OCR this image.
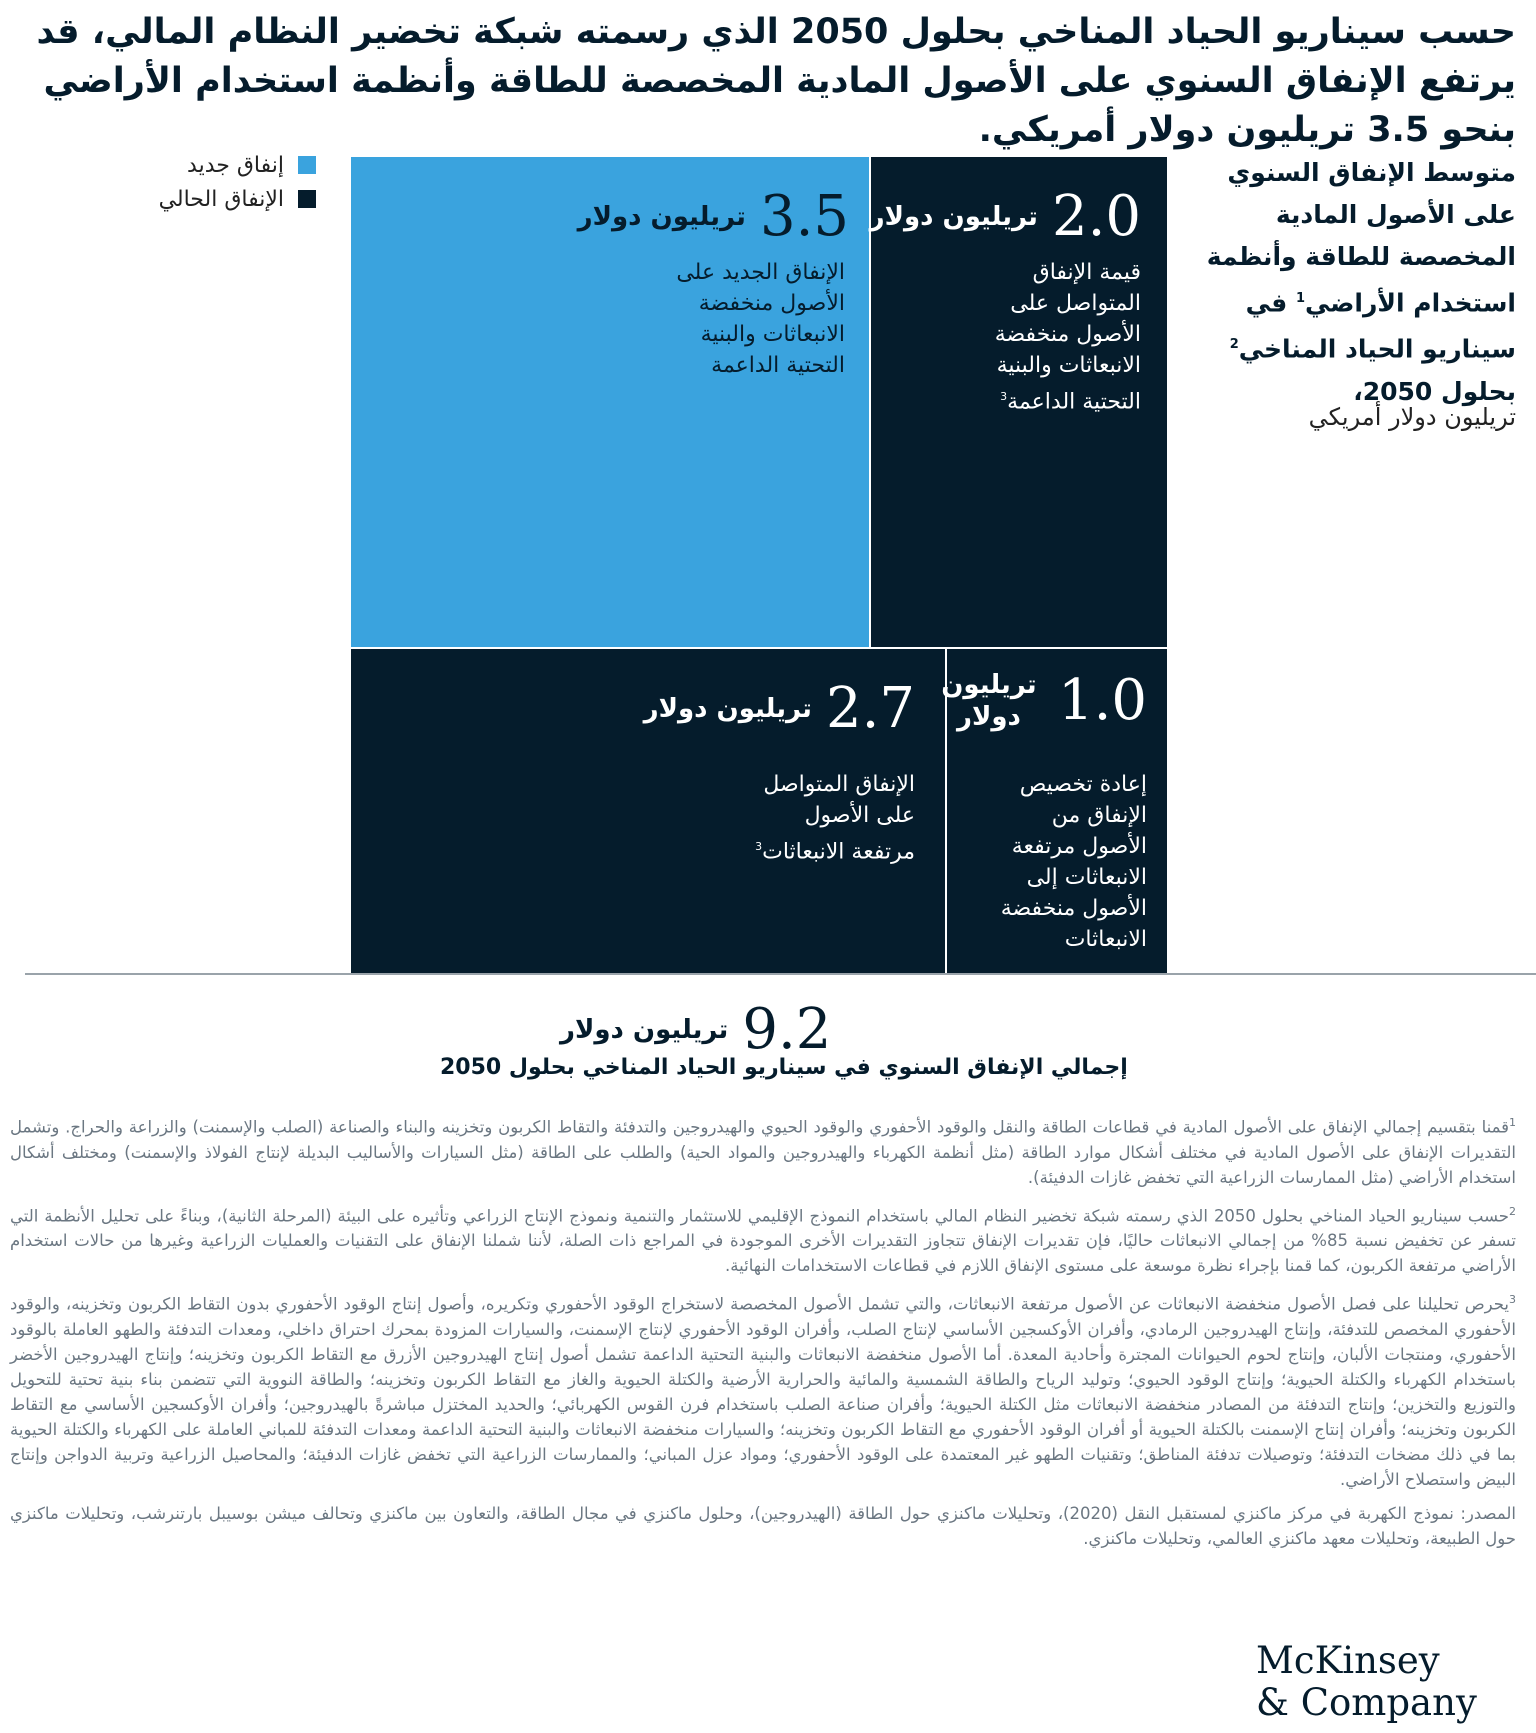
حسب سيناريو الحياد المناخي بحلول 2050 الذي رسمته شبكة تخضير النظام المالي، قد يرتفع الإنفاق السنوي على الأصول المادية المخصصة للطاقة وأنظمة استخدام الأراضي بنحو 3.5 تريليون دولار أمريكي.
إنفاق جديد
الإنفاق الحالي
متوسط الإنفاق السنوي
على الأصول المادية
المخصصة للطاقة وأنظمة
استخدام الأراضي$^1$ في
سيناريو الحياد المناخي$^2$
بحلول 2050،
تريليون دولار أمريكي
3.5
تريليون دولار
الإنفاق الجديد على
الأصول منخفضة
الانبعاثات والبنية
التحتية الداعمة
2.0
تريليون دولار
قيمة الإنفاق
المتواصل على
الأصول منخفضة
الانبعاثات والبنية
التحتية الداعمة$^3$
2.7
تريليون دولار
الإنفاق المتواصل
على الأصول
مرتفعة الانبعاثات$^3$
1.0
تريليون دولار
إعادة تخصيص
الإنفاق من
الأصول مرتفعة
الانبعاثات إلى
الأصول منخفضة
الانبعاثات
9.2
تريليون دولار
إجمالي الإنفاق السنوي في سيناريو الحياد المناخي بحلول 2050

$^1$قمنا بتقسيم إجمالي الإنفاق على الأصول المادية في قطاعات الطاقة والنقل والوقود الأحفوري والوقود الحيوي والهيدروجين والتدفئة والتقاط الكربون وتخزينه والبناء والصناعة (الصلب والإسمنت) والزراعة والحراج. وتشمل التقديرات الإنفاق على الأصول المادية في مختلف أشكال موارد الطاقة (مثل أنظمة الكهرباء والهيدروجين والمواد الحية) والطلب على الطاقة (مثل السيارات والأساليب البديلة لإنتاج الفولاذ والإسمنت) ومختلف أشكال استخدام الأراضي (مثل الممارسات الزراعية التي تخفض غازات الدفيئة).

$^2$حسب سيناريو الحياد المناخي بحلول 2050 الذي رسمته شبكة تخضير النظام المالي باستخدام النموذج الإقليمي للاستثمار والتنمية ونموذج الإنتاج الزراعي وتأثيره على البيئة (المرحلة الثانية)، وبناءً على تحليل الأنظمة التي تسفر عن تخفيض نسبة 85% من إجمالي الانبعاثات حاليًا، فإن تقديرات الإنفاق تتجاوز التقديرات الأخرى الموجودة في المراجع ذات الصلة، لأننا شملنا الإنفاق على التقنيات والعمليات الزراعية وغيرها من حالات استخدام الأراضي مرتفعة الكربون، كما قمنا بإجراء نظرة موسعة على مستوى الإنفاق اللازم في قطاعات الاستخدامات النهائية.

$^3$يحرص تحليلنا على فصل الأصول منخفضة الانبعاثات عن الأصول مرتفعة الانبعاثات، والتي تشمل الأصول المخصصة لاستخراج الوقود الأحفوري وتكريره، وأصول إنتاج الوقود الأحفوري بدون التقاط الكربون وتخزينه، والوقود الأحفوري المخصص للتدفئة، وإنتاج الهيدروجين الرمادي، وأفران الأوكسجين الأساسي لإنتاج الصلب، وأفران الوقود الأحفوري لإنتاج الإسمنت، والسيارات المزودة بمحرك احتراق داخلي، ومعدات التدفئة والطهو العاملة بالوقود الأحفوري، ومنتجات الألبان، وإنتاج لحوم الحيوانات المجترة وأحادية المعدة. أما الأصول منخفضة الانبعاثات والبنية التحتية الداعمة تشمل أصول إنتاج الهيدروجين الأزرق مع التقاط الكربون وتخزينه؛ وإنتاج الهيدروجين الأخضر باستخدام الكهرباء والكتلة الحيوية؛ وإنتاج الوقود الحيوي؛ وتوليد الرياح والطاقة الشمسية والمائية والحرارية الأرضية والكتلة الحيوية والغاز مع التقاط الكربون وتخزينه؛ والطاقة النووية التي تتضمن بناء بنية تحتية للتحويل والتوزيع والتخزين؛ وإنتاج التدفئة من المصادر منخفضة الانبعاثات مثل الكتلة الحيوية؛ وأفران صناعة الصلب باستخدام فرن القوس الكهربائي؛ والحديد المختزل مباشرةً بالهيدروجين؛ وأفران الأوكسجين الأساسي مع التقاط الكربون وتخزينه؛ وأفران إنتاج الإسمنت بالكتلة الحيوية أو أفران الوقود الأحفوري مع التقاط الكربون وتخزينه؛ والسيارات منخفضة الانبعاثات والبنية التحتية الداعمة ومعدات التدفئة للمباني العاملة على الكهرباء والكتلة الحيوية بما في ذلك مضخات التدفئة؛ وتوصيلات تدفئة المناطق؛ وتقنيات الطهو غير المعتمدة على الوقود الأحفوري؛ ومواد عزل المباني؛ والممارسات الزراعية التي تخفض غازات الدفيئة؛ والمحاصيل الزراعية وتربية الدواجن وإنتاج البيض واستصلاح الأراضي.

المصدر: نموذج الكهربة في مركز ماكنزي لمستقبل النقل (2020)، وتحليلات ماكنزي حول الطاقة (الهيدروجين)، وحلول ماكنزي في مجال الطاقة، والتعاون بين ماكنزي وتحالف ميشن بوسيبل بارتنرشب، وتحليلات ماكنزي حول الطبيعة، وتحليلات معهد ماكنزي العالمي، وتحليلات ماكنزي.

McKinsey
& Company
